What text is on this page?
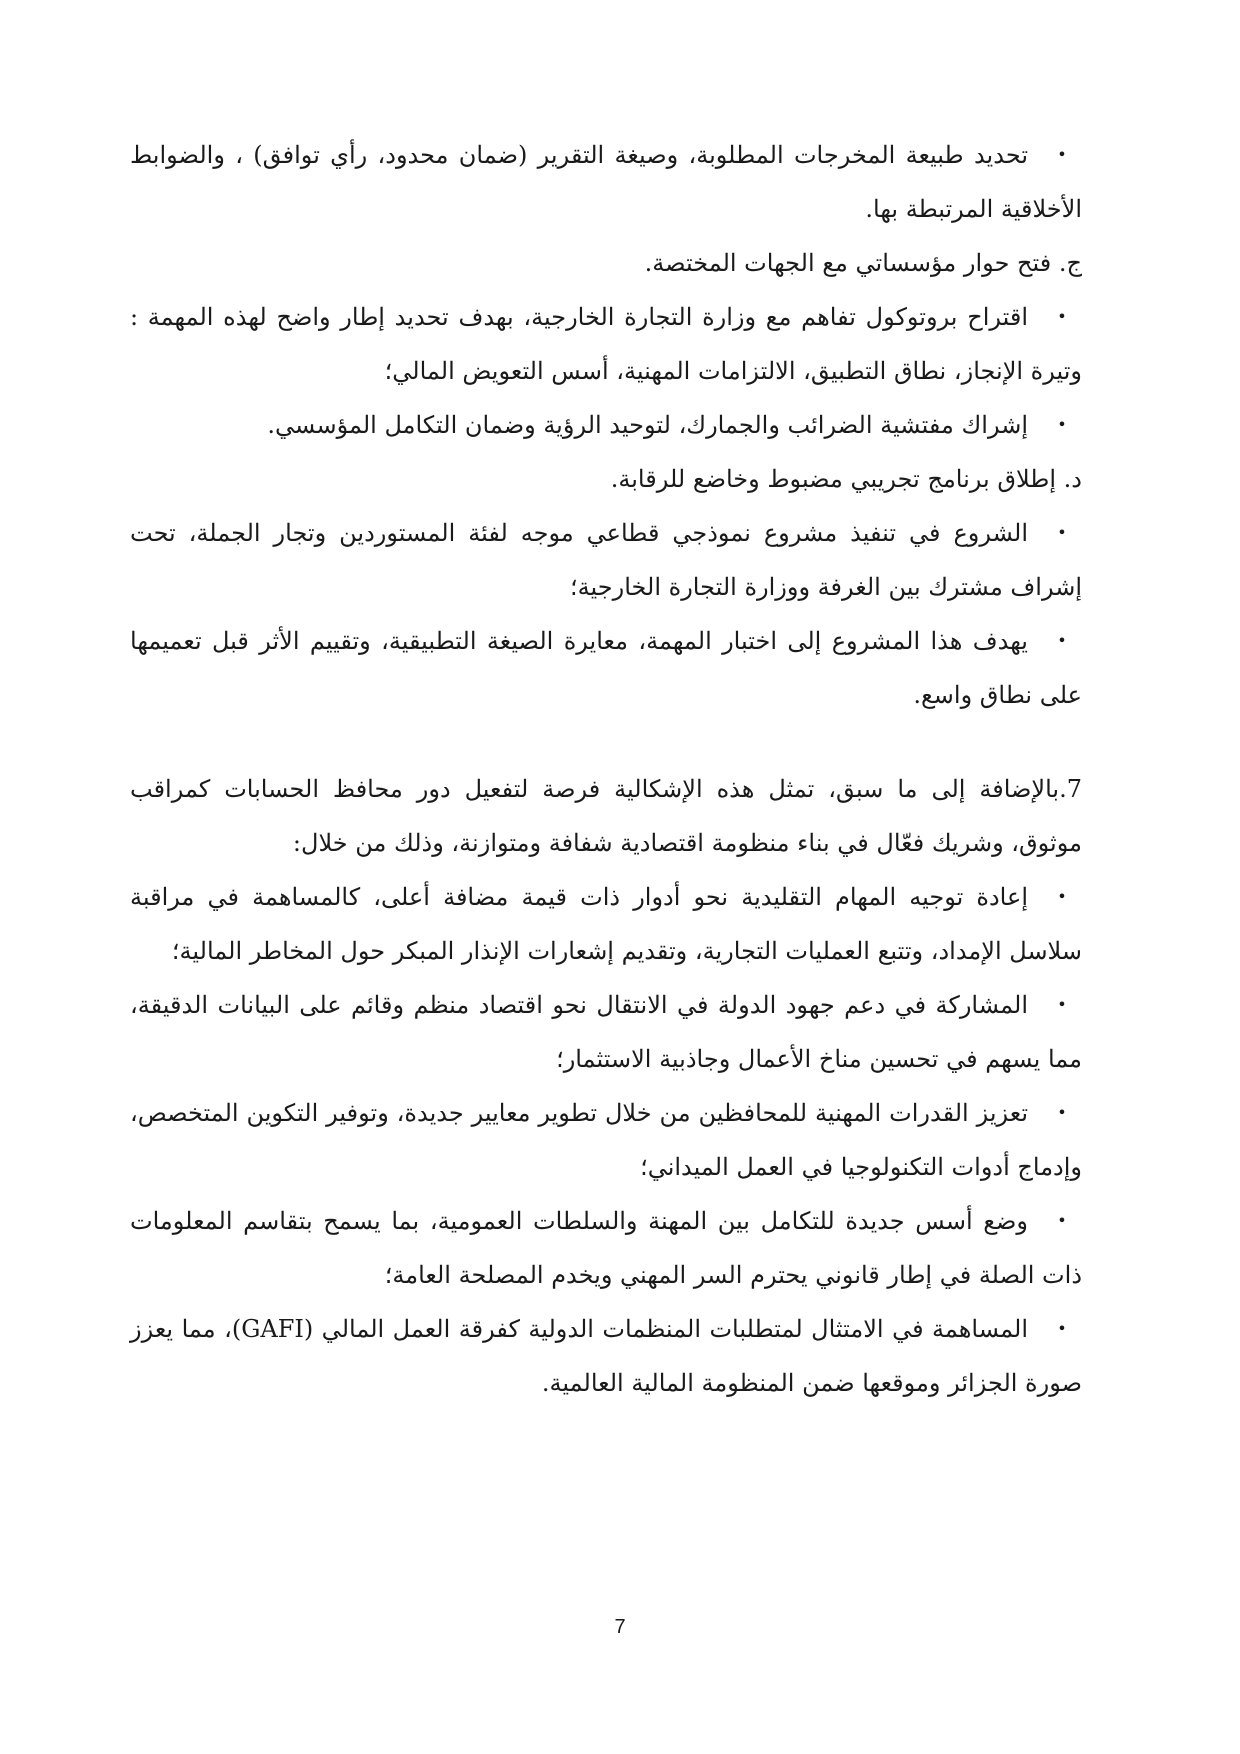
•
تحديد طبيعة المخرجات المطلوبة، وصيغة التقرير (ضمان محدود، رأي توافق) ، والضوابط الأخلاقية المرتبطة بها.

ج. فتح حوار مؤسساتي مع الجهات المختصة.

•
اقتراح بروتوكول تفاهم مع وزارة التجارة الخارجية، بهدف تحديد إطار واضح لهذه المهمة : وتيرة الإنجاز، نطاق التطبيق، الالتزامات المهنية، أسس التعويض المالي؛

•
إشراك مفتشية الضرائب والجمارك، لتوحيد الرؤية وضمان التكامل المؤسسي.

د. إطلاق برنامج تجريبي مضبوط وخاضع للرقابة.

•
الشروع في تنفيذ مشروع نموذجي قطاعي موجه لفئة المستوردين وتجار الجملة، تحت إشراف مشترك بين الغرفة ووزارة التجارة الخارجية؛

•
يهدف هذا المشروع إلى اختبار المهمة، معايرة الصيغة التطبيقية، وتقييم الأثر قبل تعميمها على نطاق واسع.

7.بالإضافة إلى ما سبق، تمثل هذه الإشكالية فرصة لتفعيل دور محافظ الحسابات كمراقب موثوق، وشريك فعّال في بناء منظومة اقتصادية شفافة ومتوازنة، وذلك من خلال:

•
إعادة توجيه المهام التقليدية نحو أدوار ذات قيمة مضافة أعلى، كالمساهمة في مراقبة سلاسل الإمداد، وتتبع العمليات التجارية، وتقديم إشعارات الإنذار المبكر حول المخاطر المالية؛

•
المشاركة في دعم جهود الدولة في الانتقال نحو اقتصاد منظم وقائم على البيانات الدقيقة، مما يسهم في تحسين مناخ الأعمال وجاذبية الاستثمار؛

•
تعزيز القدرات المهنية للمحافظين من خلال تطوير معايير جديدة، وتوفير التكوين المتخصص، وإدماج أدوات التكنولوجيا في العمل الميداني؛

•
وضع أسس جديدة للتكامل بين المهنة والسلطات العمومية، بما يسمح بتقاسم المعلومات ذات الصلة في إطار قانوني يحترم السر المهني ويخدم المصلحة العامة؛

•
المساهمة في الامتثال لمتطلبات المنظمات الدولية كفرقة العمل المالي (GAFI)، مما يعزز صورة الجزائر وموقعها ضمن المنظومة المالية العالمية.

7
